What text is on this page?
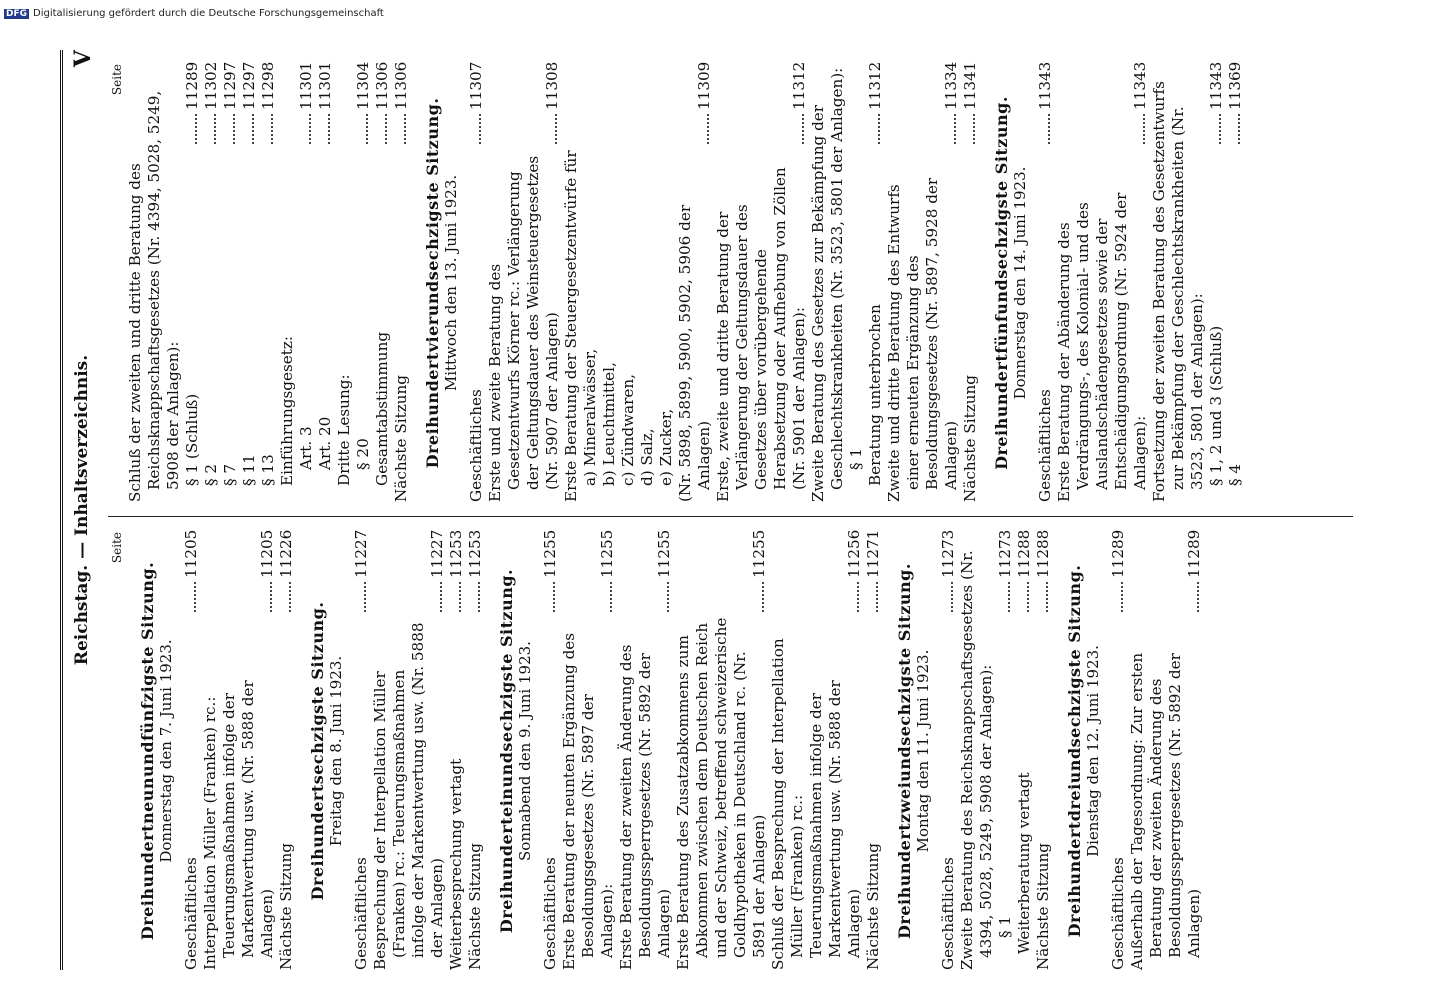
DFG Digitalisierung gefördert durch die Deutsche Forschungsgemeinschaft
Reichstag. — Inhaltsverzeichnis.
V
Seite
Dreihundertneunundfünfzigste Sitzung. Donnerstag den 7. Juni 1923.
Geschäftliches
11205
Interpellation Müller (Franken) rc.: Teuerungsmaßnahmen infolge der Markentwertung usw. (Nr. 5888 der Anlagen)
11205
Nächste Sitzung
11226
Dreihundertsechzigste Sitzung. Freitag den 8. Juni 1923.
Geschäftliches
11227
Besprechung der Interpellation Müller (Franken) rc.: Teuerungsmaßnahmen infolge der Markentwertung usw. (Nr. 5888 der Anlagen)
11227
Weiterbesprechung vertagt
11253
Nächste Sitzung
11253
Dreihunderteinundsechzigste Sitzung. Sonnabend den 9. Juni 1923.
Geschäftliches
11255
Erste Beratung der neunten Ergänzung des Besoldungsgesetzes (Nr. 5897 der Anlagen):
11255
Erste Beratung der zweiten Änderung des Besoldungssperrgesetzes (Nr. 5892 der Anlagen)
11255
Erste Beratung des Zusatzabkommens zum Abkommen zwischen dem Deutschen Reich und der Schweiz, betreffend schweizerische Goldhypotheken in Deutschland rc. (Nr. 5891 der Anlagen)
11255
Schluß der Besprechung der Interpellation Müller (Franken) rc.: Teuerungsmaßnahmen infolge der Markentwertung usw. (Nr. 5888 der Anlagen)
11256
Nächste Sitzung
11271
Dreihundertzweiundsechzigste Sitzung. Montag den 11. Juni 1923.
Geschäftliches
11273 Zweite Beratung des Reichsknappschaftsgesetzes (Nr. 4394, 5028, 5249, 5908 der Anlagen): § 1
11273
Weiterberatung vertagt
11288
Nächste Sitzung
11288
Dreihundertdreiundsechzigste Sitzung. Dienstag den 12. Juni 1923.
Geschäftliches
11289
Außerhalb der Tagesordnung: Zur ersten Beratung der zweiten Änderung des Besoldungssperrgesetzes (Nr. 5892 der Anlagen)
11289
Seite
Schluß der zweiten und dritte Beratung des Reichsknappschaftsgesetzes (Nr. 4394, 5028, 5249, 5908 der Anlagen): § 1 (Schluß)
11289
§ 2
11302
§ 7
11297
§ 11
11297
§ 13
11298
Einführungsgesetz: Art. 3
11301
Art. 20
11301
Dritte Lesung: § 20
11304
Gesamtabstimmung
11306
Nächste Sitzung
11306
Dreihundertvierundsechzigste Sitzung. Mittwoch den 13. Juni 1923.
Geschäftliches
11307
Erste und zweite Beratung des Gesetzentwurfs Körner rc.: Verlängerung der Geltungsdauer des Weinsteuergesetzes (Nr. 5907 der Anlagen)
11308
Erste Beratung der Steuergesetzentwürfe für a) Mineralwässer, b) Leuchtmittel, c) Zündwaren, d) Salz, e) Zucker, (Nr. 5898, 5899, 5900, 5902, 5906 der Anlagen)
11309
Erste, zweite und dritte Beratung der Verlängerung der Geltungsdauer des Gesetzes über vorübergehende Herabsetzung oder Aufhebung von Zöllen (Nr. 5901 der Anlagen):
11312
Zweite Beratung des Gesetzes zur Bekämpfung der Geschlechtskrankheiten (Nr. 3523, 5801 der Anlagen): § 1 Beratung unterbrochen
11312
Zweite und dritte Beratung des Entwurfs einer erneuten Ergänzung des Besoldungsgesetzes (Nr. 5897, 5928 der Anlagen)
11334
Nächste Sitzung
11341
Dreihundertfünfundsechzigste Sitzung. Donnerstag den 14. Juni 1923.
Geschäftliches
11343
Erste Beratung der Abänderung des Verdrängungs-, des Kolonial- und des Auslandschädengesetzes sowie der Entschädigungsordnung (Nr. 5924 der Anlagen):
11343 Fortsetzung der zweiten Beratung des Gesetzentwurfs zur Bekämpfung der Geschlechtskrankheiten (Nr. 3523, 5801 der Anlagen): § 1, 2 und 3 (Schluß)
11343
§ 4
11369
